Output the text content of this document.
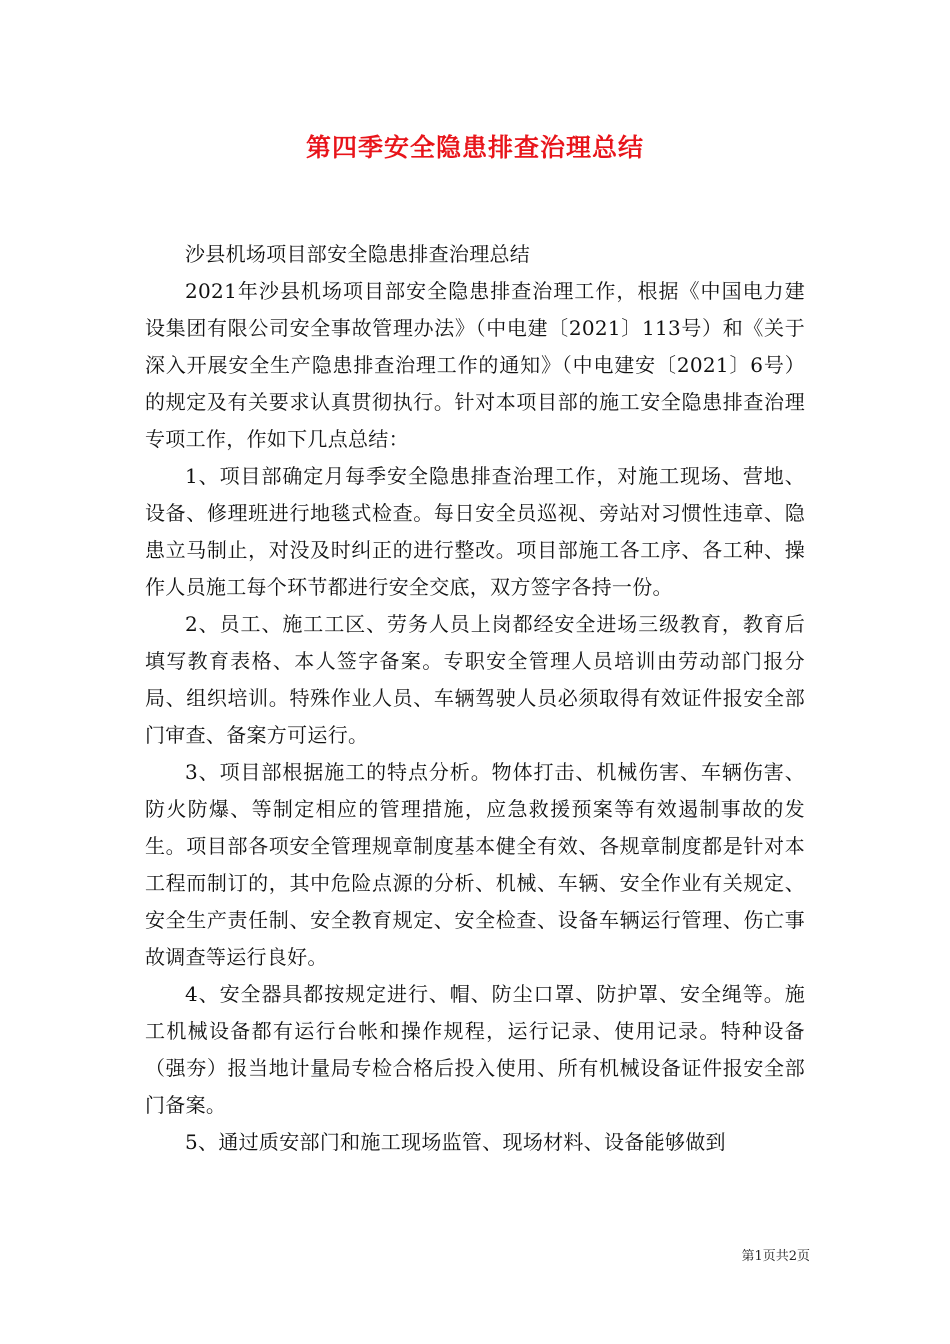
第四季安全隐患排查治理总结

沙县机场项目部安全隐患排查治理总结

2021年沙县机场项目部安全隐患排查治理工作，根据《中国电力建设集团有限公司安全事故管理办法》（中电建〔2021〕113号）和《关于深入开展安全生产隐患排查治理工作的通知》（中电建安〔2021〕6号）的规定及有关要求认真贯彻执行。针对本项目部的施工安全隐患排查治理专项工作，作如下几点总结：

1、项目部确定月每季安全隐患排查治理工作，对施工现场、营地、设备、修理班进行地毯式检查。每日安全员巡视、旁站对习惯性违章、隐患立马制止，对没及时纠正的进行整改。项目部施工各工序、各工种、操作人员施工每个环节都进行安全交底，双方签字各持一份。

2、员工、施工工区、劳务人员上岗都经安全进场三级教育，教育后填写教育表格、本人签字备案。专职安全管理人员培训由劳动部门报分局、组织培训。特殊作业人员、车辆驾驶人员必须取得有效证件报安全部门审查、备案方可运行。

3、项目部根据施工的特点分析。物体打击、机械伤害、车辆伤害、防火防爆、等制定相应的管理措施，应急救援预案等有效遏制事故的发生。项目部各项安全管理规章制度基本健全有效、各规章制度都是针对本工程而制订的，其中危险点源的分析、机械、车辆、安全作业有关规定、安全生产责任制、安全教育规定、安全检查、设备车辆运行管理、伤亡事故调查等运行良好。

4、安全器具都按规定进行、帽、防尘口罩、防护罩、安全绳等。施工机械设备都有运行台帐和操作规程，运行记录、使用记录。特种设备（强夯）报当地计量局专检合格后投入使用、所有机械设备证件报安全部门备案。

5、通过质安部门和施工现场监管、现场材料、设备能够做到

第1页共2页
